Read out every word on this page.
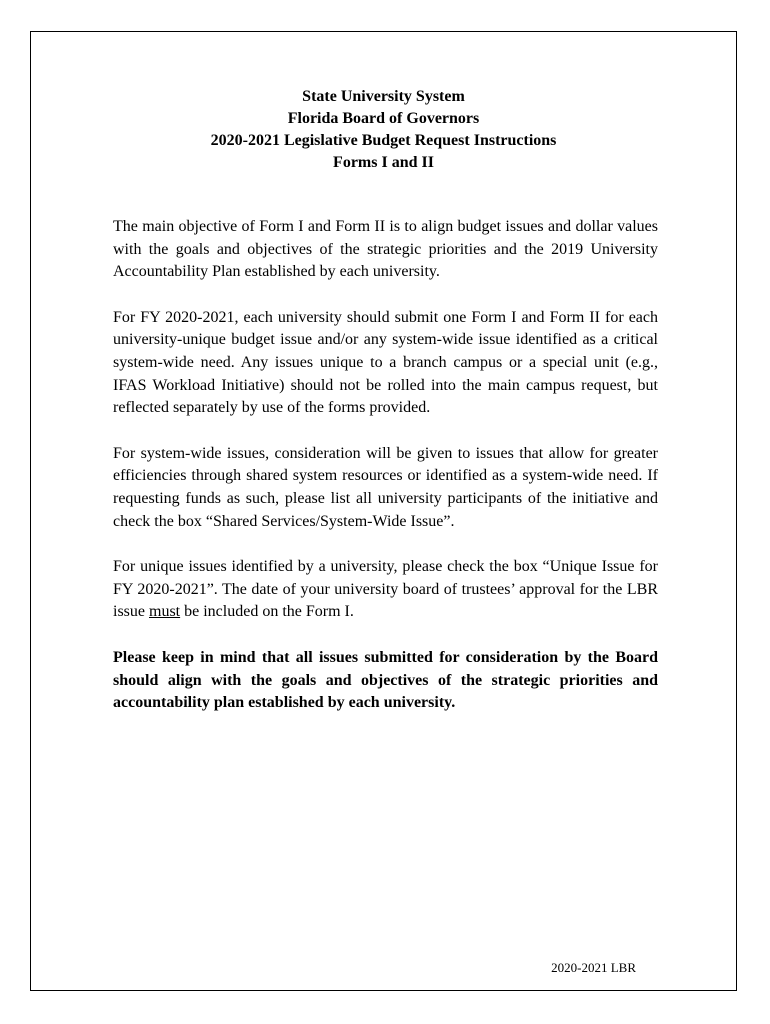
State University System
Florida Board of Governors
2020-2021 Legislative Budget Request Instructions
Forms I and II

The main objective of Form I and Form II is to align budget issues and dollar values with the goals and objectives of the strategic priorities and the 2019 University Accountability Plan established by each university.

For FY 2020-2021, each university should submit one Form I and Form II for each university-unique budget issue and/or any system-wide issue identified as a critical system-wide need. Any issues unique to a branch campus or a special unit (e.g., IFAS Workload Initiative) should not be rolled into the main campus request, but reflected separately by use of the forms provided.

For system-wide issues, consideration will be given to issues that allow for greater efficiencies through shared system resources or identified as a system-wide need. If requesting funds as such, please list all university participants of the initiative and check the box “Shared Services/System-Wide Issue”.

For unique issues identified by a university, please check the box “Unique Issue for FY 2020-2021”. The date of your university board of trustees’ approval for the LBR issue must be included on the Form I.

Please keep in mind that all issues submitted for consideration by the Board should align with the goals and objectives of the strategic priorities and accountability plan established by each university.

2020-2021 LBR
